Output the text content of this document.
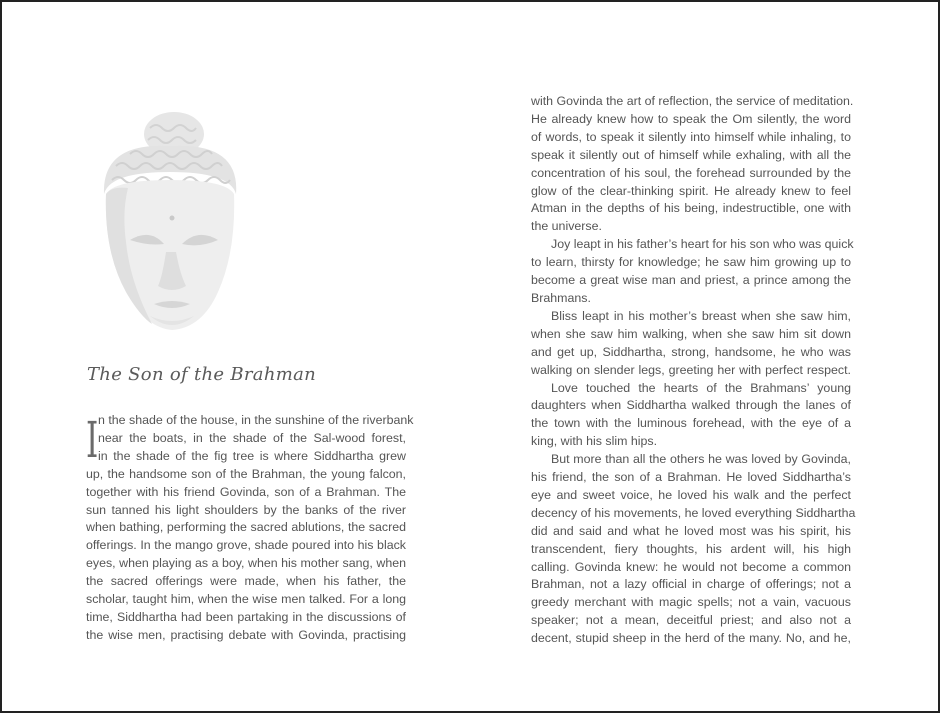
The Son of the Brahman
I n the shade of the house, in the sunshine of the riverbank
near the boats, in the shade of the Sal-wood forest,
in the shade of the fig tree is where Siddhartha grew
up, the handsome son of the Brahman, the young falcon,
together with his friend Govinda, son of a Brahman. The
sun tanned his light shoulders by the banks of the river
when bathing, performing the sacred ablutions, the sacred
offerings. In the mango grove, shade poured into his black
eyes, when playing as a boy, when his mother sang, when
the sacred offerings were made, when his father, the
scholar, taught him, when the wise men talked. For a long
time, Siddhartha had been partaking in the discussions of
the wise men, practising debate with Govinda, practising
with Govinda the art of reflection, the service of meditation.
He already knew how to speak the Om silently, the word
of words, to speak it silently into himself while inhaling, to
speak it silently out of himself while exhaling, with all the
concentration of his soul, the forehead surrounded by the
glow of the clear-thinking spirit. He already knew to feel
Atman in the depths of his being, indestructible, one with
the universe.
Joy leapt in his father’s heart for his son who was quick
to learn, thirsty for knowledge; he saw him growing up to
become a great wise man and priest, a prince among the
Brahmans.
Bliss leapt in his mother’s breast when she saw him,
when she saw him walking, when she saw him sit down
and get up, Siddhartha, strong, handsome, he who was
walking on slender legs, greeting her with perfect respect.
Love touched the hearts of the Brahmans’ young
daughters when Siddhartha walked through the lanes of
the town with the luminous forehead, with the eye of a
king, with his slim hips.
But more than all the others he was loved by Govinda,
his friend, the son of a Brahman. He loved Siddhartha’s
eye and sweet voice, he loved his walk and the perfect
decency of his movements, he loved everything Siddhartha
did and said and what he loved most was his spirit, his
transcendent, fiery thoughts, his ardent will, his high
calling. Govinda knew: he would not become a common
Brahman, not a lazy official in charge of offerings; not a
greedy merchant with magic spells; not a vain, vacuous
speaker; not a mean, deceitful priest; and also not a
decent, stupid sheep in the herd of the many. No, and he,
